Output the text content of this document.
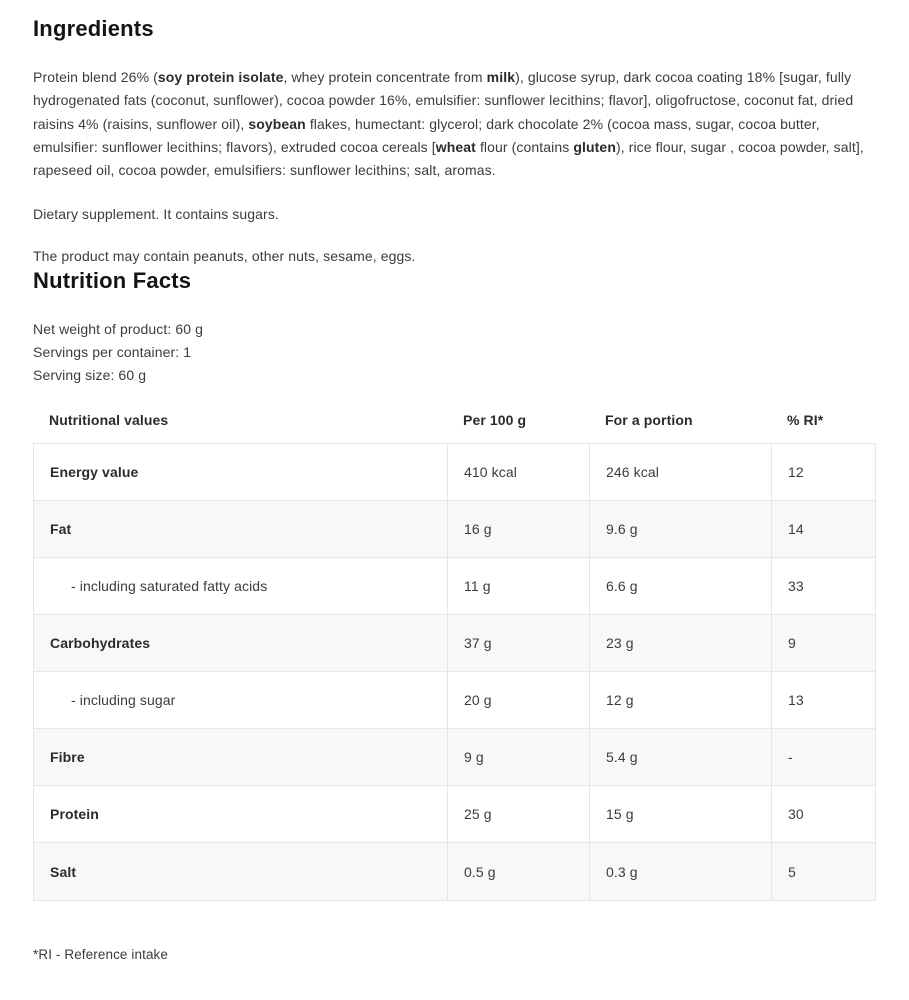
Ingredients

Protein blend 26% (soy protein isolate, whey protein concentrate from milk), glucose syrup, dark cocoa coating 18% [sugar, fully hydrogenated fats (coconut, sunflower), cocoa powder 16%, emulsifier: sunflower lecithins; flavor], oligofructose, coconut fat, dried raisins 4% (raisins, sunflower oil), soybean flakes, humectant: glycerol; dark chocolate 2% (cocoa mass, sugar, cocoa butter, emulsifier: sunflower lecithins; flavors), extruded cocoa cereals [wheat flour (contains gluten), rice flour, sugar , cocoa powder, salt], rapeseed oil, cocoa powder, emulsifiers: sunflower lecithins; salt, aromas.

Dietary supplement. It contains sugars.

The product may contain peanuts, other nuts, sesame, eggs.

Nutrition Facts
Net weight of product: 60 g
Servings per container: 1
Serving size: 60 g
Nutritional values	Per 100 g	For a portion	% RI*
Energy value	410 kcal	246 kcal	12
Fat	16 g	9.6 g	14
- including saturated fatty acids	11 g	6.6 g	33
Carbohydrates	37 g	23 g	9
- including sugar	20 g	12 g	13
Fibre	9 g	5.4 g	-
Protein	25 g	15 g	30
Salt	0.5 g	0.3 g	5

*RI - Reference intake
